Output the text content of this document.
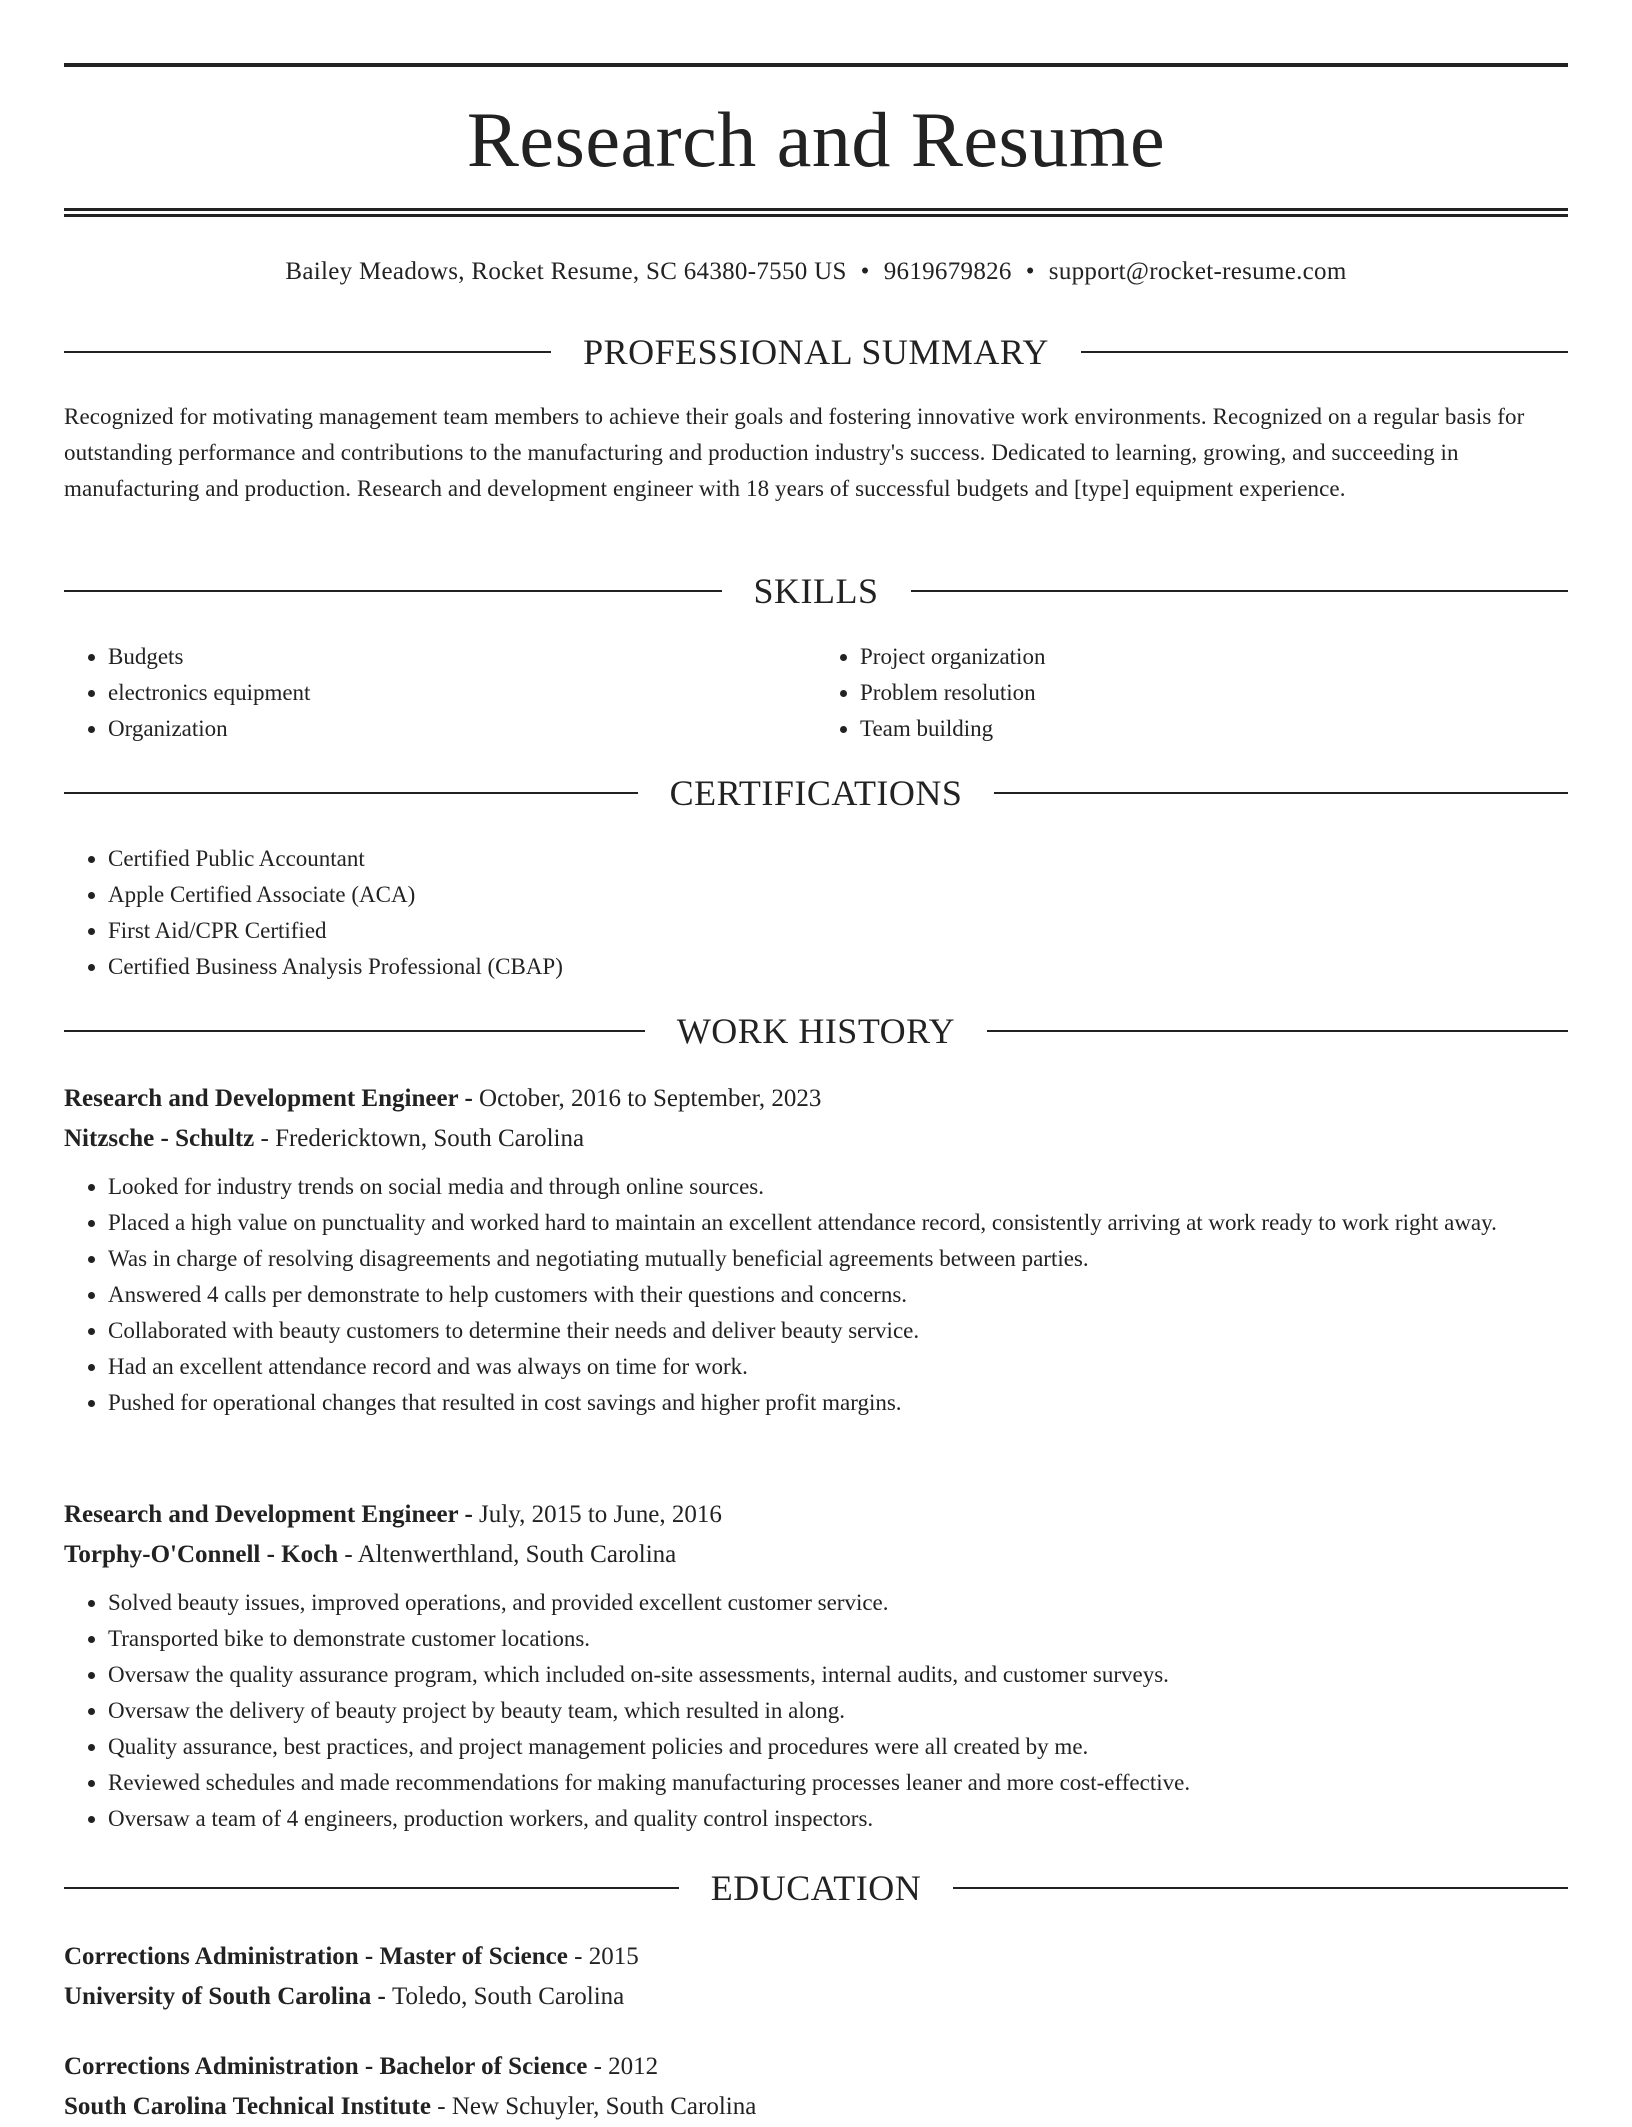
Research and Resume
Bailey Meadows, Rocket Resume, SC 64380-7550 US • 9619679826 • support@rocket-resume.com
PROFESSIONAL SUMMARY
Recognized for motivating management team members to achieve their goals and fostering innovative work environments. Recognized on a regular basis for outstanding performance and contributions to the manufacturing and production industry's success. Dedicated to learning, growing, and succeeding in manufacturing and production. Research and development engineer with 18 years of successful budgets and [type] equipment experience.
SKILLS
• Budgets
• electronics equipment
• Organization
• Project organization
• Problem resolution
• Team building
CERTIFICATIONS
• Certified Public Accountant
• Apple Certified Associate (ACA)
• First Aid/CPR Certified
• Certified Business Analysis Professional (CBAP)
WORK HISTORY
Research and Development Engineer - October, 2016 to September, 2023
Nitzsche - Schultz - Fredericktown, South Carolina
• Looked for industry trends on social media and through online sources.
• Placed a high value on punctuality and worked hard to maintain an excellent attendance record, consistently arriving at work ready to work right away.
• Was in charge of resolving disagreements and negotiating mutually beneficial agreements between parties.
• Answered 4 calls per demonstrate to help customers with their questions and concerns.
• Collaborated with beauty customers to determine their needs and deliver beauty service.
• Had an excellent attendance record and was always on time for work.
• Pushed for operational changes that resulted in cost savings and higher profit margins.
Research and Development Engineer - July, 2015 to June, 2016
Torphy-O'Connell - Koch - Altenwerthland, South Carolina
• Solved beauty issues, improved operations, and provided excellent customer service.
• Transported bike to demonstrate customer locations.
• Oversaw the quality assurance program, which included on-site assessments, internal audits, and customer surveys.
• Oversaw the delivery of beauty project by beauty team, which resulted in along.
• Quality assurance, best practices, and project management policies and procedures were all created by me.
• Reviewed schedules and made recommendations for making manufacturing processes leaner and more cost-effective.
• Oversaw a team of 4 engineers, production workers, and quality control inspectors.
EDUCATION
Corrections Administration - Master of Science - 2015
University of South Carolina - Toledo, South Carolina
Corrections Administration - Bachelor of Science - 2012
South Carolina Technical Institute - New Schuyler, South Carolina
